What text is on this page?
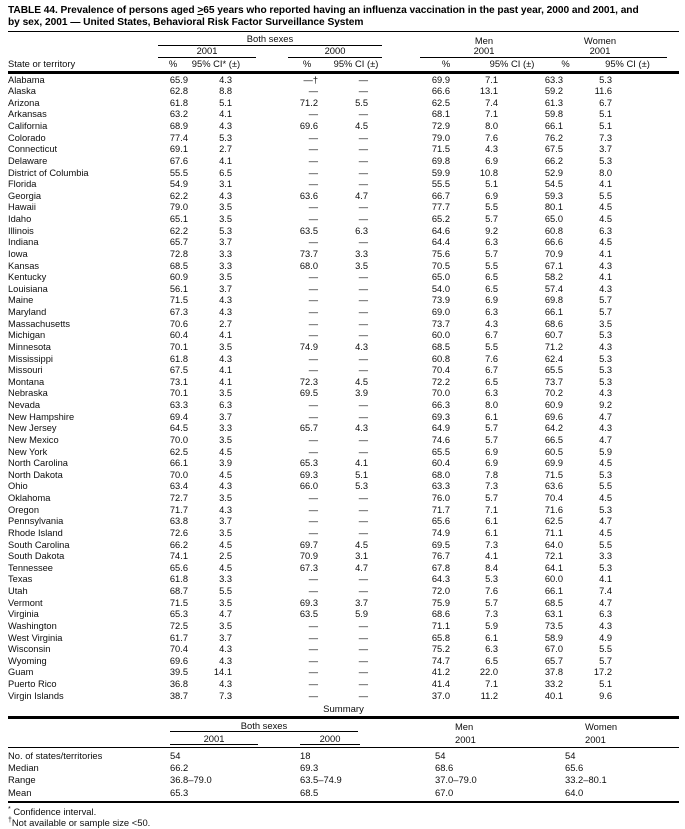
TABLE 44. Prevalence of persons aged ≥65 years who reported having an influenza vaccination in the past year, 2000 and 2001, and
by sex, 2001 — United States, Behavioral Risk Factor Surveillance System
Both sexes	Men	Women
2001	2000	2001	2001
State or territory	%	95% CI* (±)	%	95% CI (±)	%	95% CI (±)	%	95% CI (±)
Alabama	65.9	4.3	—†	—	69.9	7.1	63.3	5.3
Alaska	62.8	8.8	—	—	66.6	13.1	59.2	11.6
Arizona	61.8	5.1	71.2	5.5	62.5	7.4	61.3	6.7
Arkansas	63.2	4.1	—	—	68.1	7.1	59.8	5.1
California	68.9	4.3	69.6	4.5	72.9	8.0	66.1	5.1
Colorado	77.4	5.3	—	—	79.0	7.6	76.2	7.3
Connecticut	69.1	2.7	—	—	71.5	4.3	67.5	3.7
Delaware	67.6	4.1	—	—	69.8	6.9	66.2	5.3
District of Columbia	55.5	6.5	—	—	59.9	10.8	52.9	8.0
Florida	54.9	3.1	—	—	55.5	5.1	54.5	4.1
Georgia	62.2	4.3	63.6	4.7	66.7	6.9	59.3	5.5
Hawaii	79.0	3.5	—	—	77.7	5.5	80.1	4.5
Idaho	65.1	3.5	—	—	65.2	5.7	65.0	4.5
Illinois	62.2	5.3	63.5	6.3	64.6	9.2	60.8	6.3
Indiana	65.7	3.7	—	—	64.4	6.3	66.6	4.5
Iowa	72.8	3.3	73.7	3.3	75.6	5.7	70.9	4.1
Kansas	68.5	3.3	68.0	3.5	70.5	5.5	67.1	4.3
Kentucky	60.9	3.5	—	—	65.0	6.5	58.2	4.1
Louisiana	56.1	3.7	—	—	54.0	6.5	57.4	4.3
Maine	71.5	4.3	—	—	73.9	6.9	69.8	5.7
Maryland	67.3	4.3	—	—	69.0	6.3	66.1	5.7
Massachusetts	70.6	2.7	—	—	73.7	4.3	68.6	3.5
Michigan	60.4	4.1	—	—	60.0	6.7	60.7	5.3
Minnesota	70.1	3.5	74.9	4.3	68.5	5.5	71.2	4.3
Mississippi	61.8	4.3	—	—	60.8	7.6	62.4	5.3
Missouri	67.5	4.1	—	—	70.4	6.7	65.5	5.3
Montana	73.1	4.1	72.3	4.5	72.2	6.5	73.7	5.3
Nebraska	70.1	3.5	69.5	3.9	70.0	6.3	70.2	4.3
Nevada	63.3	6.3	—	—	66.3	8.0	60.9	9.2
New Hampshire	69.4	3.7	—	—	69.3	6.1	69.6	4.7
New Jersey	64.5	3.3	65.7	4.3	64.9	5.7	64.2	4.3
New Mexico	70.0	3.5	—	—	74.6	5.7	66.5	4.7
New York	62.5	4.5	—	—	65.5	6.9	60.5	5.9
North Carolina	66.1	3.9	65.3	4.1	60.4	6.9	69.9	4.5
North Dakota	70.0	4.5	69.3	5.1	68.0	7.8	71.5	5.3
Ohio	63.4	4.3	66.0	5.3	63.3	7.3	63.6	5.5
Oklahoma	72.7	3.5	—	—	76.0	5.7	70.4	4.5
Oregon	71.7	4.3	—	—	71.7	7.1	71.6	5.3
Pennsylvania	63.8	3.7	—	—	65.6	6.1	62.5	4.7
Rhode Island	72.6	3.5	—	—	74.9	6.1	71.1	4.5
South Carolina	66.2	4.5	69.7	4.5	69.5	7.3	64.0	5.5
South Dakota	74.1	2.5	70.9	3.1	76.7	4.1	72.1	3.3
Tennessee	65.6	4.5	67.3	4.7	67.8	8.4	64.1	5.3
Texas	61.8	3.3	—	—	64.3	5.3	60.0	4.1
Utah	68.7	5.5	—	—	72.0	7.6	66.1	7.4
Vermont	71.5	3.5	69.3	3.7	75.9	5.7	68.5	4.7
Virginia	65.3	4.7	63.5	5.9	68.6	7.3	63.1	6.3
Washington	72.5	3.5	—	—	71.1	5.9	73.5	4.3
West Virginia	61.7	3.7	—	—	65.8	6.1	58.9	4.9
Wisconsin	70.4	4.3	—	—	75.2	6.3	67.0	5.5
Wyoming	69.6	4.3	—	—	74.7	6.5	65.7	5.7
Guam	39.5	14.1	—	—	41.2	22.0	37.8	17.2
Puerto Rico	36.8	4.3	—	—	41.4	7.1	33.2	5.1
Virgin Islands	38.7	7.3	—	—	37.0	11.2	40.1	9.6
Summary
Both sexes	Men	Women
2001	2000	2001	2001
No. of states/territories	54	18	54	54
Median	66.2	69.3	68.6	65.6
Range	36.8–79.0	63.5–74.9	37.0–79.0	33.2–80.1
Mean	65.3	68.5	67.0	64.0
* Confidence interval.
†Not available or sample size <50.
